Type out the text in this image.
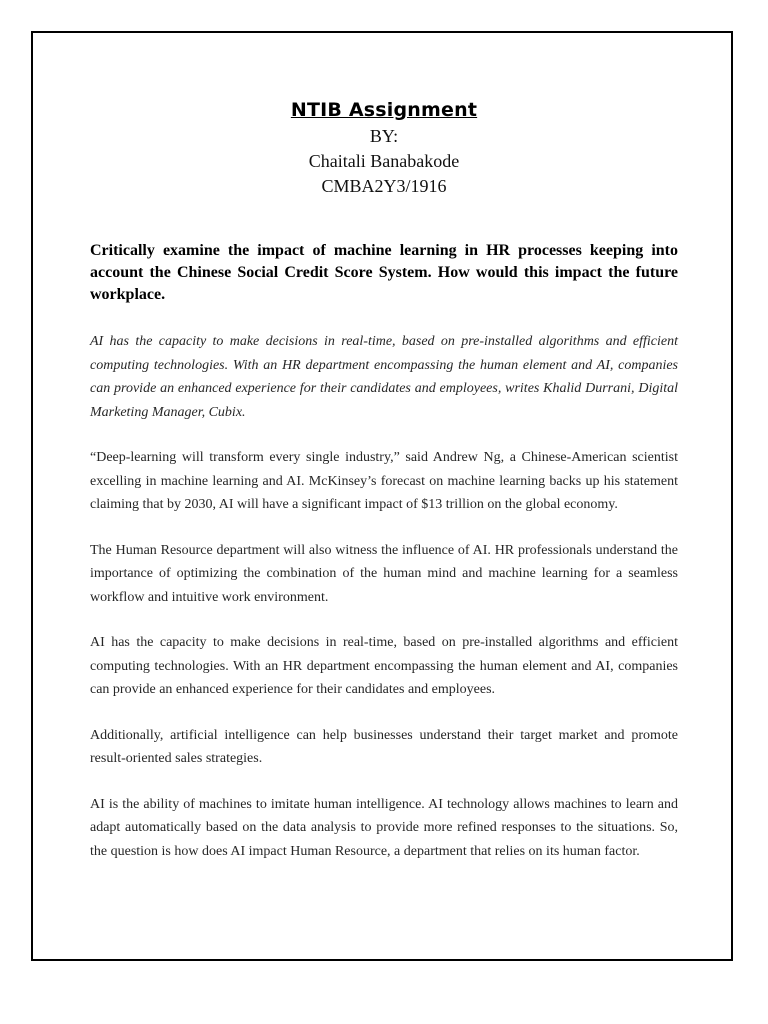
NTIB Assignment

BY:

Chaitali Banabakode

CMBA2Y3/1916

Critically examine the impact of machine learning in HR processes keeping into account the Chinese Social Credit Score System. How would this impact the future workplace.

AI has the capacity to make decisions in real-time, based on pre-installed algorithms and efficient computing technologies. With an HR department encompassing the human element and AI, companies can provide an enhanced experience for their candidates and employees, writes Khalid Durrani, Digital Marketing Manager, Cubix.

“Deep-learning will transform every single industry,” said Andrew Ng, a Chinese-American scientist excelling in machine learning and AI. McKinsey’s forecast on machine learning backs up his statement claiming that by 2030, AI will have a significant impact of $13 trillion on the global economy.

The Human Resource department will also witness the influence of AI. HR professionals understand the importance of optimizing the combination of the human mind and machine learning for a seamless workflow and intuitive work environment.

AI has the capacity to make decisions in real-time, based on pre-installed algorithms and efficient computing technologies. With an HR department encompassing the human element and AI, companies can provide an enhanced experience for their candidates and employees.

Additionally, artificial intelligence can help businesses understand their target market and promote result-oriented sales strategies.

AI is the ability of machines to imitate human intelligence. AI technology allows machines to learn and adapt automatically based on the data analysis to provide more refined responses to the situations. So, the question is how does AI impact Human Resource, a department that relies on its human factor.
